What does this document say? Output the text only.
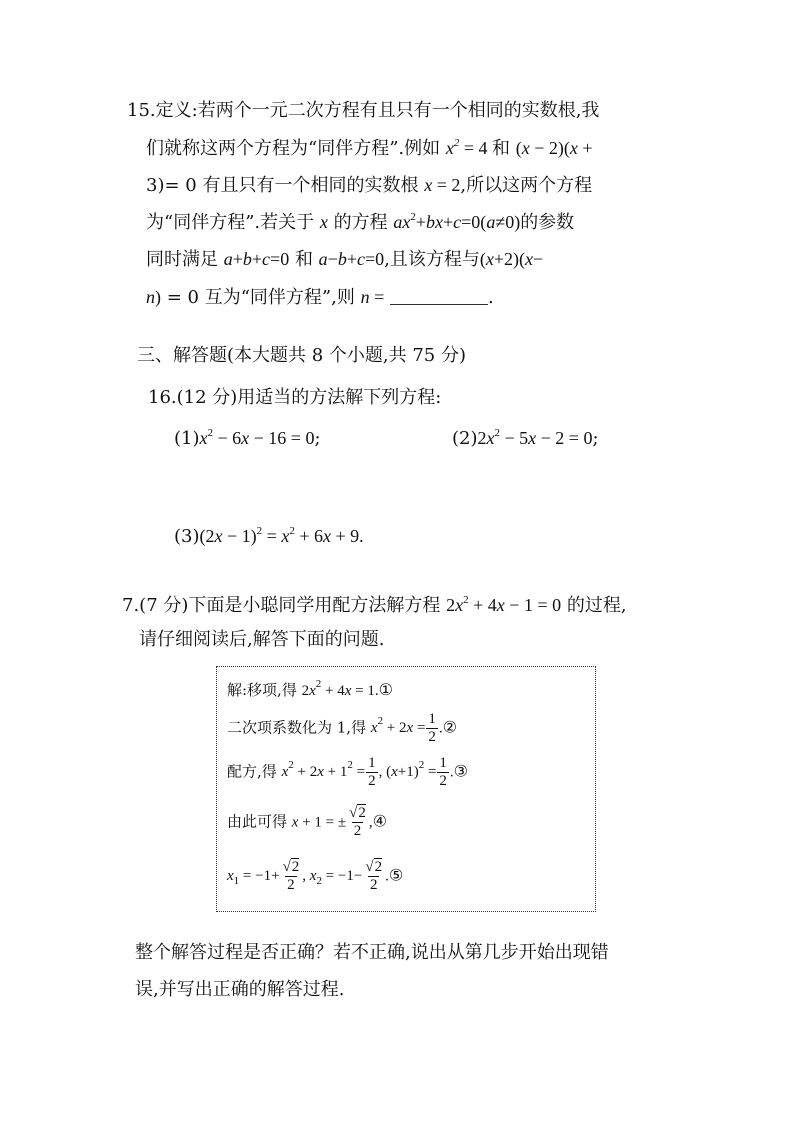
15.定义:若两个一元二次方程有且只有一个相同的实数根,我
们就称这两个方程为“同伴方程”.例如 $x^2 = 4$ 和 (x − 2)(x +
3)= 0 有且只有一个相同的实数根 x = 2,所以这两个方程
为“同伴方程”.若关于 x 的方程 $ax^2+bx+c=0(a\ne 0)$的参数
同时满足 a+b+c=0 和 a−b+c=0,且该方程与(x+2)(x−
n) = 0 互为“同伴方程”,则 n =	.
三、解答题(本大题共 8 个小题,共 75 分)
16.(12 分)用适当的方法解下列方程:
$(1)x^2 - 6x - 16 = 0$;	$(2)2x^2 - 5x - 2 = 0$;
$(3)(2x - 1)^2 = x^2 + 6x + 9$.
7.(7 分)下面是小聪同学用配方法解方程 $2x^2 + 4x - 1 = 0$ 的过程,
请仔细阅读后,解答下面的问题.
解:移项,得 $2x^2 + 4x$ = 1.①
二次项系数化为 1,得 $x^2 + 2x = \frac{1}{2}$ .②
配方,得 $x^2 + 2x + 1^2 = \frac{1}{2}$ , $(x+1)^2 = \frac{1}{2}$ .③
由此可得 x + 1 = ± $\frac{√2}{2}$ ,④
$x_1 = -1+ \frac{√2}{2}$ , $x_2 = -1- \frac{√2}{2}$ .⑤
整个解答过程是否正确？若不正确,说出从第几步开始出现错
误,并写出正确的解答过程.
